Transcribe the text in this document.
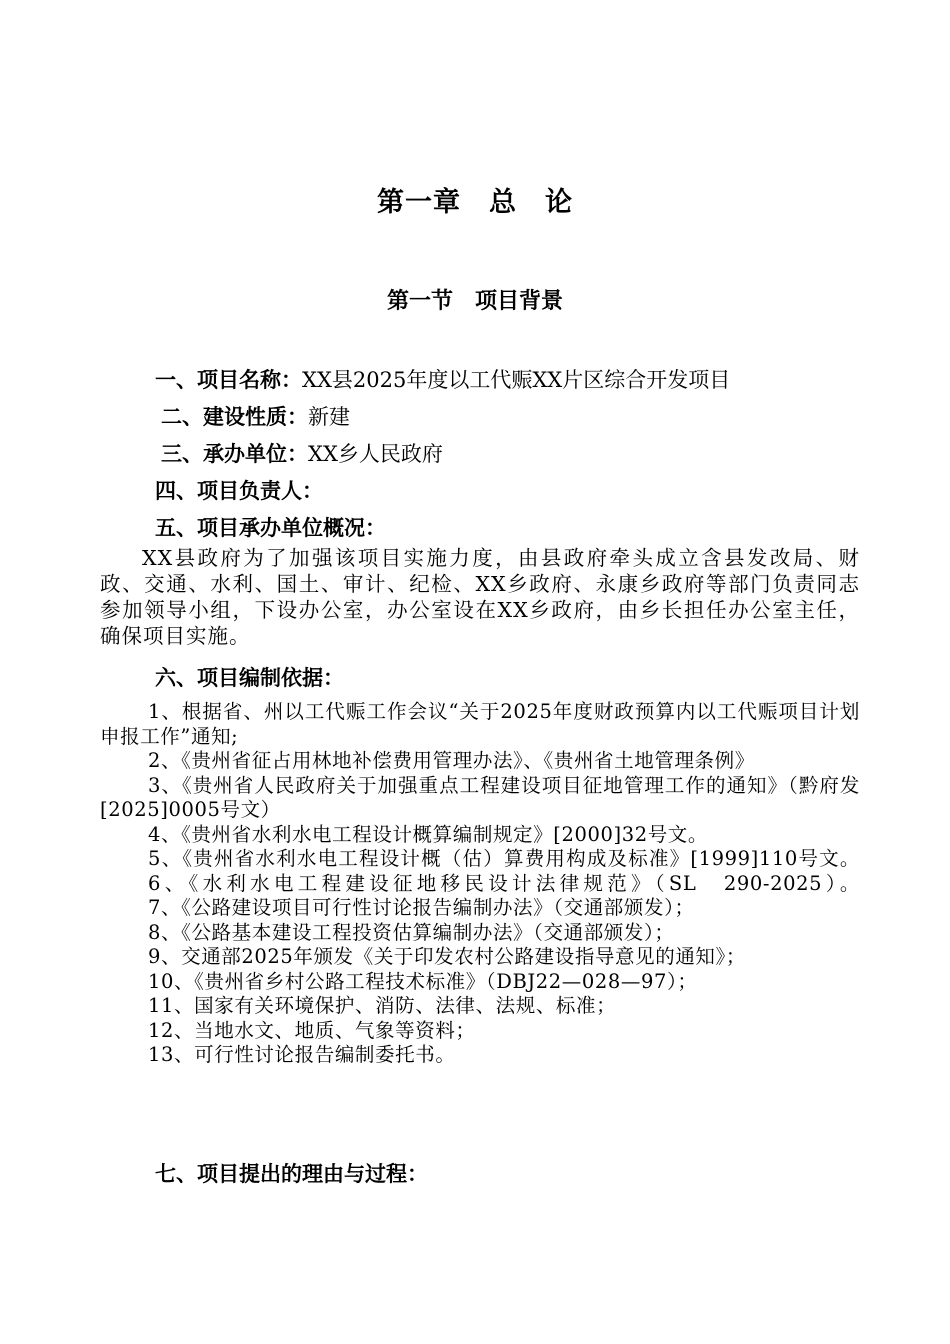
第一章　总　论
第一节　项目背景
一、项目名称：XX县2025年度以工代赈XX片区综合开发项目
二、建设性质：新建
三、承办单位：XX乡人民政府
四、项目负责人：
五、项目承办单位概况：

XX县政府为了加强该项目实施力度，由县政府牵头成立含县发改局、财政、交通、水利、国土、审计、纪检、XX乡政府、永康乡政府等部门负责同志参加领导小组，下设办公室，办公室设在XX乡政府，由乡长担任办公室主任，确保项目实施。

六、项目编制依据：

1、根据省、州以工代赈工作会议“关于2025年度财政预算内以工代赈项目计划申报工作”通知;

2、《贵州省征占用林地补偿费用管理办法》、《贵州省土地管理条例》

3、《贵州省人民政府关于加强重点工程建设项目征地管理工作的通知》（黔府发[2025]0005号文）

4、《贵州省水利水电工程设计概算编制规定》[2000]32号文。

5、《贵州省水利水电工程设计概（估）算费用构成及标准》[1999]110号文。

6、《水利水电工程建设征地移民设计法律规范》（SL　290-2025）。

7、《公路建设项目可行性讨论报告编制办法》（交通部颁发）；

8、《公路基本建设工程投资估算编制办法》（交通部颁发）；

9、交通部2025年颁发《关于印发农村公路建设指导意见的通知》；

10、《贵州省乡村公路工程技术标准》（DBJ22—028—97）；

11、国家有关环境保护、消防、法律、法规、标准；

12、当地水文、地质、气象等资料；

13、可行性讨论报告编制委托书。

七、项目提出的理由与过程：
